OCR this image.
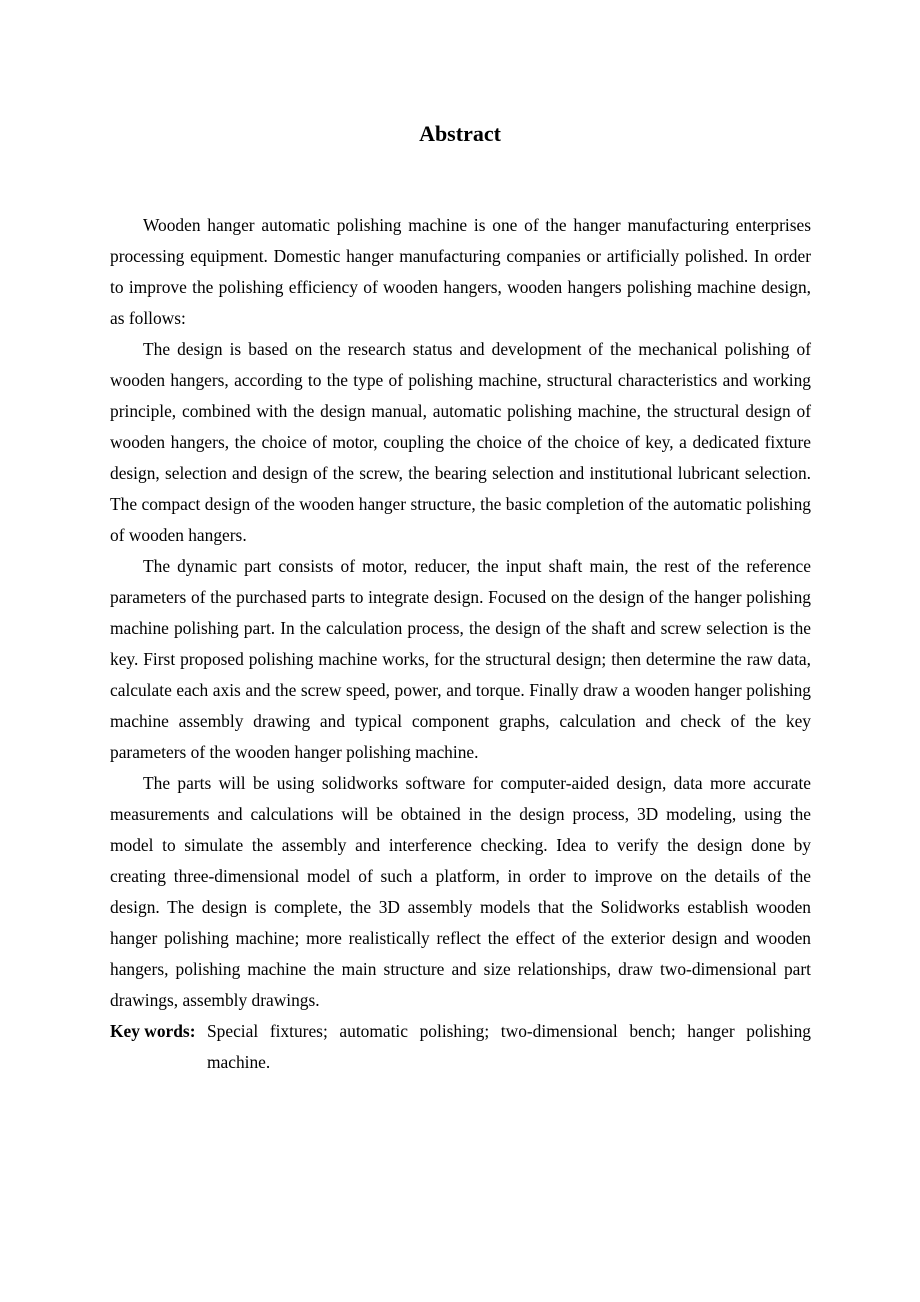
Abstract

Wooden hanger automatic polishing machine is one of the hanger manufacturing enterprises processing equipment. Domestic hanger manufacturing companies or artificially polished. In order to improve the polishing efficiency of wooden hangers, wooden hangers polishing machine design, as follows:

The design is based on the research status and development of the mechanical polishing of wooden hangers, according to the type of polishing machine, structural characteristics and working principle, combined with the design manual, automatic polishing machine, the structural design of wooden hangers, the choice of motor, coupling the choice of the choice of key, a dedicated fixture design, selection and design of the screw, the bearing selection and institutional lubricant selection. The compact design of the wooden hanger structure, the basic completion of the automatic polishing of wooden hangers.

The dynamic part consists of motor, reducer, the input shaft main, the rest of the reference parameters of the purchased parts to integrate design. Focused on the design of the hanger polishing machine polishing part. In the calculation process, the design of the shaft and screw selection is the key. First proposed polishing machine works, for the structural design; then determine the raw data, calculate each axis and the screw speed, power, and torque. Finally draw a wooden hanger polishing machine assembly drawing and typical component graphs, calculation and check of the key parameters of the wooden hanger polishing machine.

The parts will be using solidworks software for computer-aided design, data more accurate measurements and calculations will be obtained in the design process, 3D modeling, using the model to simulate the assembly and interference checking. Idea to verify the design done by creating three-dimensional model of such a platform, in order to improve on the details of the design. The design is complete, the 3D assembly models that the Solidworks establish wooden hanger polishing machine; more realistically reflect the effect of the exterior design and wooden hangers, polishing machine the main structure and size relationships, draw two-dimensional part drawings, assembly drawings.

Key words: Special fixtures; automatic polishing; two-dimensional bench; hanger polishing machine.
